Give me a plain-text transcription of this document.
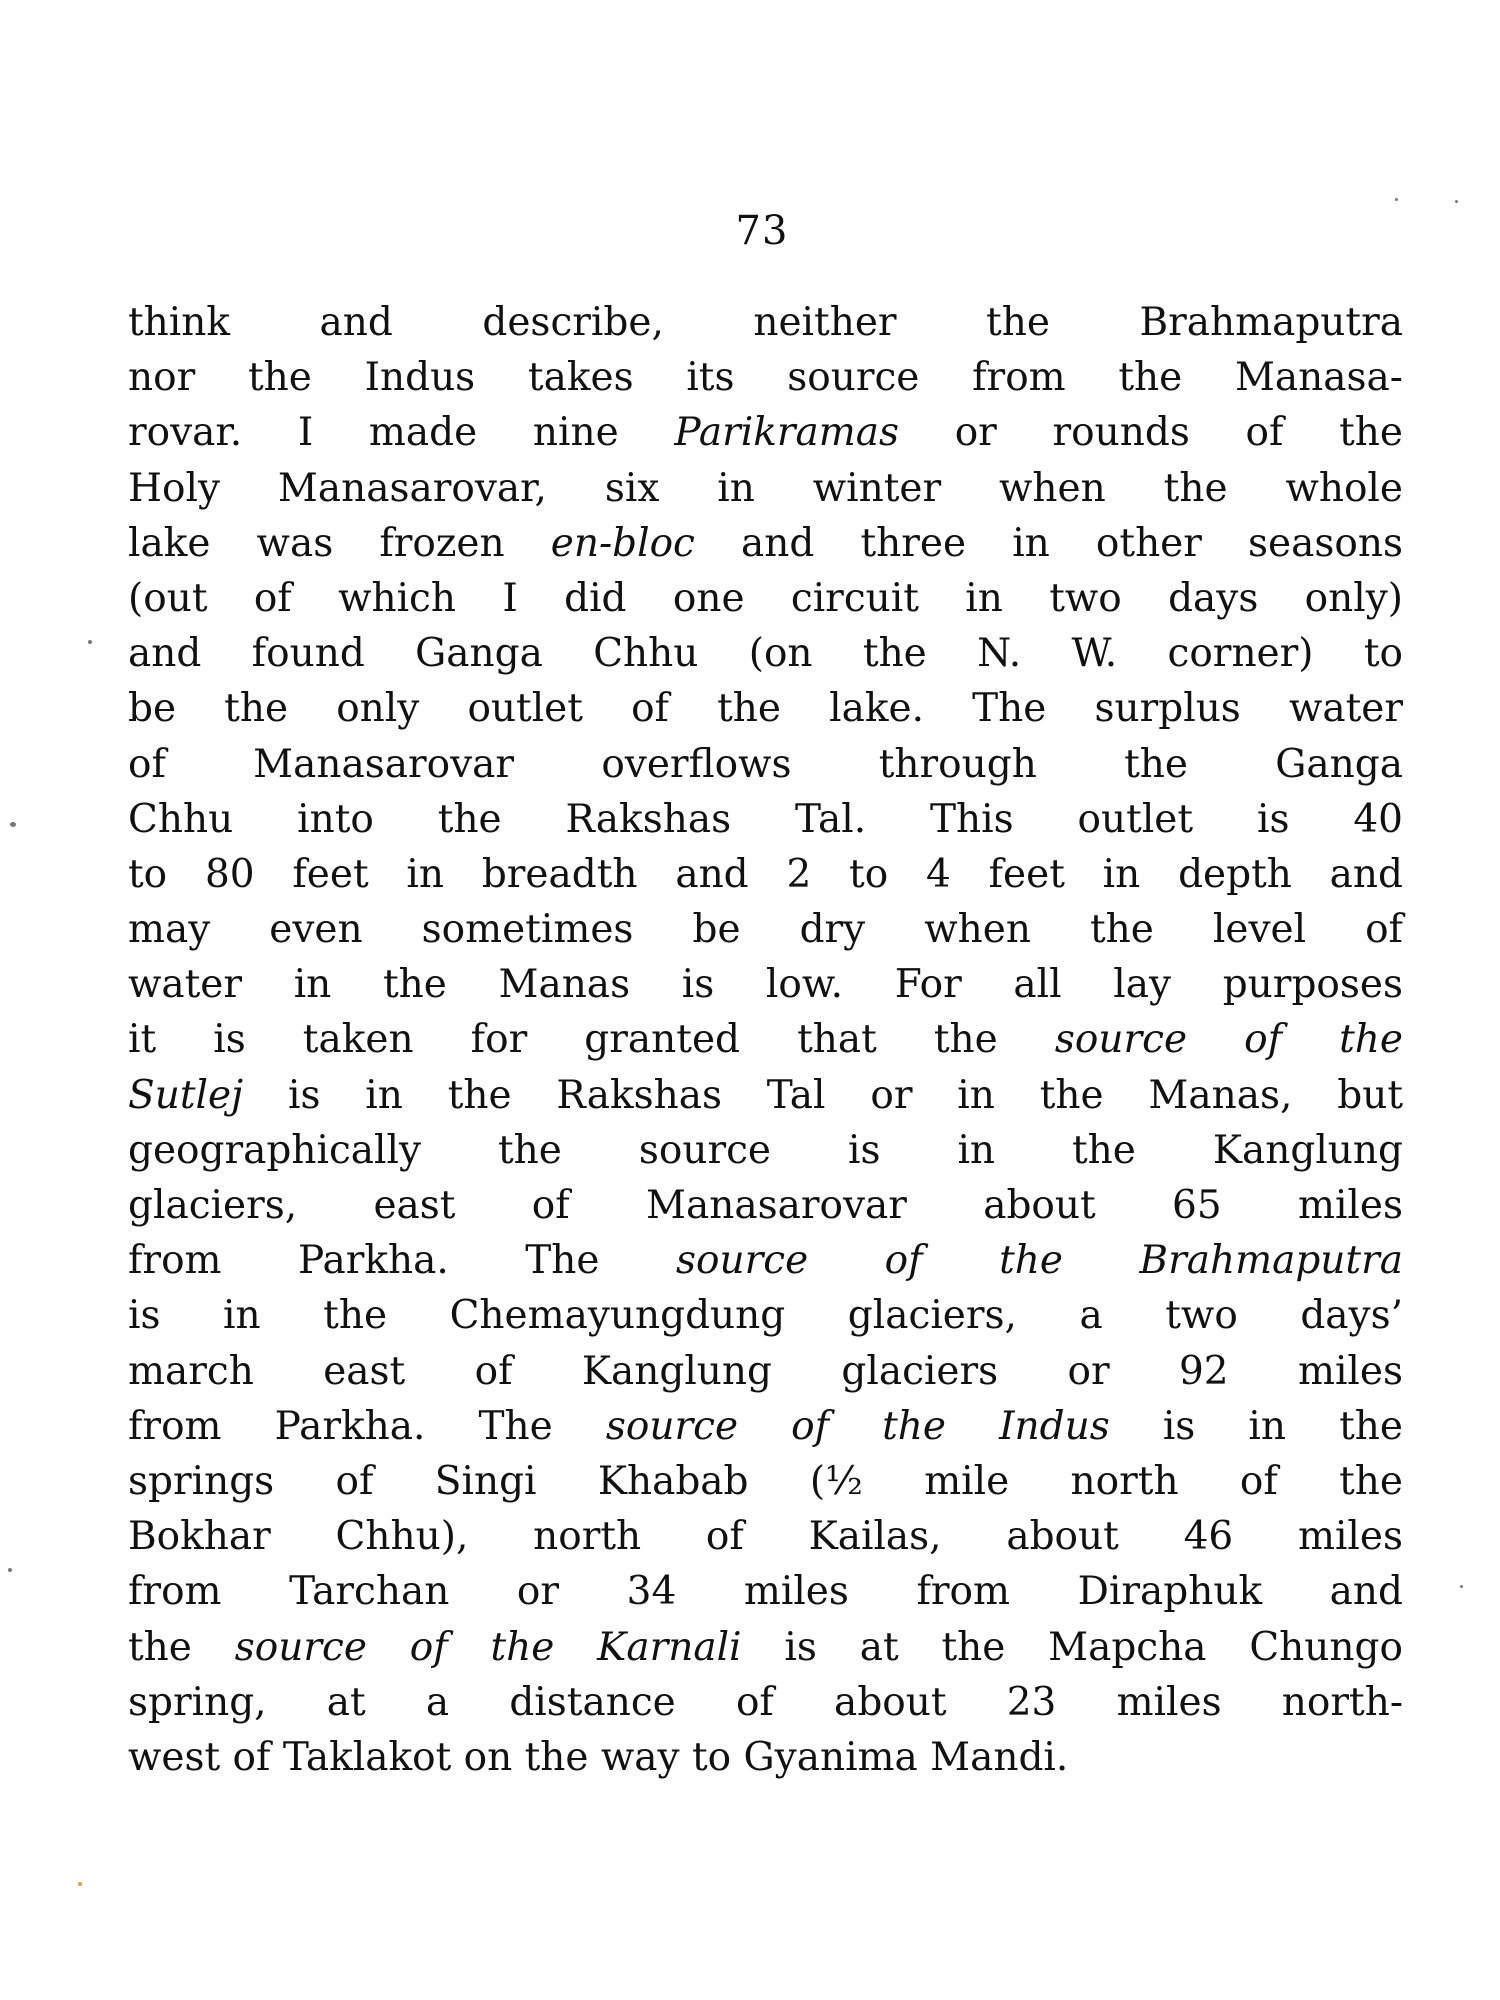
73
think and describe, neither the Brahmaputra
nor the Indus takes its source from the Manasa-
rovar. I made nine Parikramas or rounds of the
Holy Manasarovar, six in winter when the whole
lake was frozen en-bloc and three in other seasons
(out of which I did one circuit in two days only)
and found Ganga Chhu (on the N. W. corner) to
be the only outlet of the lake. The surplus water
of Manasarovar overflows through the Ganga
Chhu into the Rakshas Tal. This outlet is 40
to 80 feet in breadth and 2 to 4 feet in depth and
may even sometimes be dry when the level of
water in the Manas is low. For all lay purposes
it is taken for granted that the source of the
Sutlej is in the Rakshas Tal or in the Manas, but
geographically the source is in the Kanglung
glaciers, east of Manasarovar about 65 miles
from Parkha. The source of the Brahmaputra
is in the Chemayungdung glaciers, a two days’
march east of Kanglung glaciers or 92 miles
from Parkha. The source of the Indus is in the
springs of Singi Khabab (½ mile north of the
Bokhar Chhu), north of Kailas, about 46 miles
from Tarchan or 34 miles from Diraphuk and
the source of the Karnali is at the Mapcha Chungo
spring, at a distance of about 23 miles north-
west of Taklakot on the way to Gyanima Mandi.
